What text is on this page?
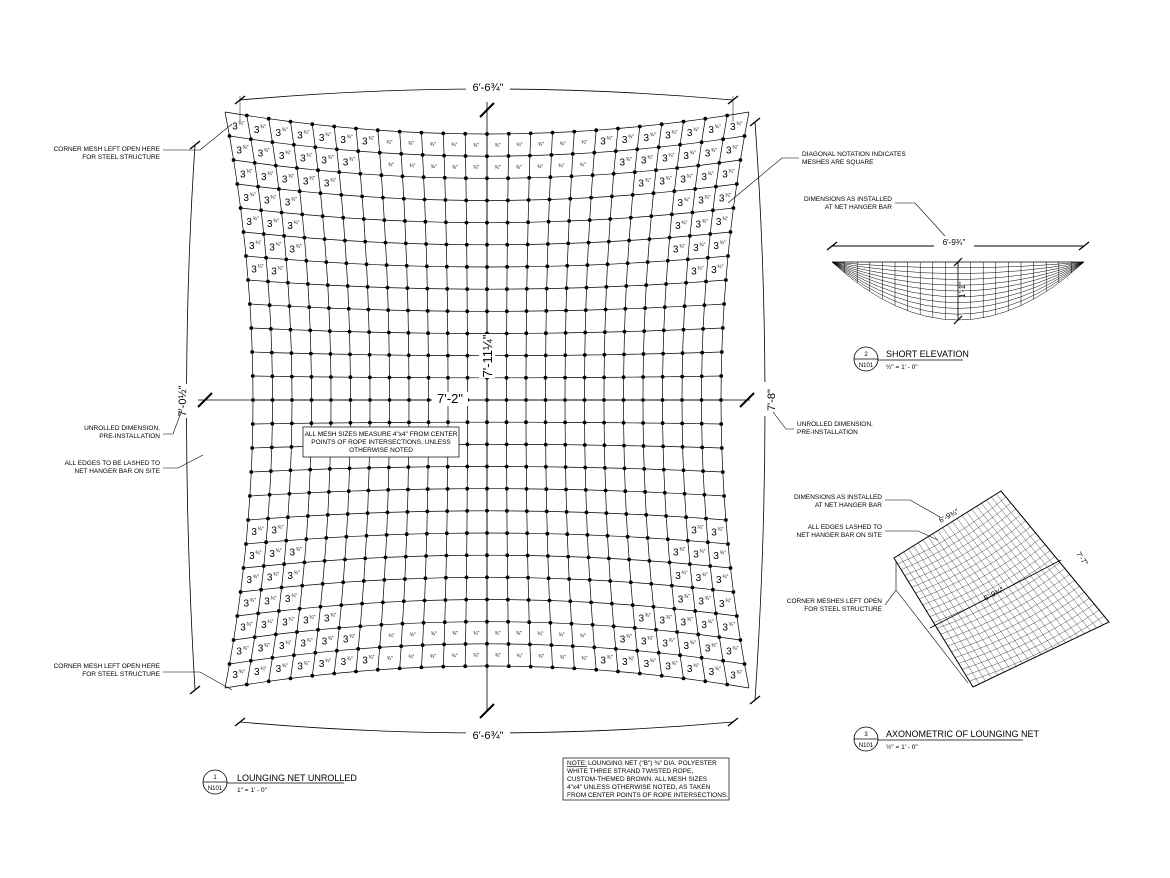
3 ¾"
3 ¾"
3 ¾"
3 ¾"
3 ¾"
3 ¾"
3 ¾"
3 ¾"
3 ¾"
3 ¾"
3 ¾"
3 ¾"
3 ¾"
3 ¾"
3 ¾"
3 ¾"
3 ¾"
3 ¾"
3 ¾"
3 ¾"
3 ¾"
3 ¾"
3 ¾"
3 ¾"
3 ¾"
3 ¾"
3 ¾"
3 ¾"
3 ¾"
3 ¾"
3 ¾"
3 ¾"
3 ¾"
3 ¾"
3 ¾"
3 ¾"
3 ¾"
3 ¾"
3 ¾"
3 ¾"
3 ¾"
3 ¾"
3 ¾"
3 ¾"
3 ¾"
3 ¾"
3 ¾"
3 ¾"
3 ¾"
3 ¾"
3 ¾"
3 ¾"
3 ¾"
3 ¾"
3 ¾"
3 ¾"
3 ¾"
3 ¾"
¾"
¾"
¾"
¾"
¾"
¾"
¾"
¾"
¾"
¾"
¾"
¾"
¾"
¾"
¾"
¾"
¾"
¾"
¾"
¾"
¾"
¾"
¾"
¾"
¾"
¾"
¾"
¾"
¾"
¾"
¾"
¾"
¾"
¾"
¾"
¾"
¾"
¾"
¾"
¾"
3 ¾"
3 ¾"
3 ¾"
3 ¾"
3 ¾"
3 ¾"
3 ¾"
3 ¾"
3 ¾"
3 ¾"
3 ¾"
3 ¾"
3 ¾"
3 ¾"
3 ¾"
3 ¾"
3 ¾"
3 ¾"
3 ¾"
3 ¾"
3 ¾"
3 ¾"
3 ¾"
3 ¾"
3 ¾"
3 ¾"
3 ¾"
3 ¾"
3 ¾"
3 ¾"
3 ¾"
3 ¾"
3 ¾"
3 ¾"
3 ¾"
3 ¾"
3 ¾"
3 ¾"
3 ¾"
3 ¾"
3 ¾"
3 ¾"
3 ¾"
3 ¾"
3 ¾"
3 ¾"
3 ¾"
3 ¾"
3 ¾"
3 ¾"
3 ¾"
3 ¾"
3 ¾"
3 ¾"
3 ¾"
3 ¾"
3 ¾"
3 ¾"
6'-6¾"
6'-6¾"
7'-0½"	7'-8"
7'-2"
7'-11¼"
ALL MESH SIZES MEASURE 4"x4" FROM CENTER
POINTS OF ROPE INTERSECTIONS, UNLESS
OTHERWISE NOTED
CORNER MESH LEFT OPEN HERE
FOR STEEL STRUCTURE
UNROLLED DIMENSION,
PRE-INSTALLATION
ALL EDGES TO BE LASHED TO
NET HANGER BAR ON SITE
CORNER MESH LEFT OPEN HERE
FOR STEEL STRUCTURE
DIAGONAL NOTATION INDICATES
MESHES ARE SQUARE
UNROLLED DIMENSION,
PRE-INSTALLATION
DIMENSIONS AS INSTALLED
AT NET HANGER BAR
6'-9¾"
1'-1"
2
N101
SHORT ELEVATION
½" = 1' - 0"
6'-9¾"
6'-9¾"
7'-7"
DIMENSIONS AS INSTALLED
AT NET HANGER BAR
ALL EDGES LASHED TO
NET HANGER BAR ON SITE
CORNER MESHES LEFT OPEN
FOR STEEL STRUCTURE
3
N101
AXONOMETRIC OF LOUNGING NET
½" = 1' - 0"
1
N101
LOUNGING NET UNROLLED
1" = 1' - 0"
NOTE: LOUNGING NET ("B") ⅜" DIA. POLYESTER
WHITE THREE STRAND TWISTED ROPE,
CUSTOM-THEMED BROWN. ALL MESH SIZES
4"x4" UNLESS OTHERWISE NOTED, AS TAKEN
FROM CENTER POINTS OF ROPE INTERSECTIONS.
